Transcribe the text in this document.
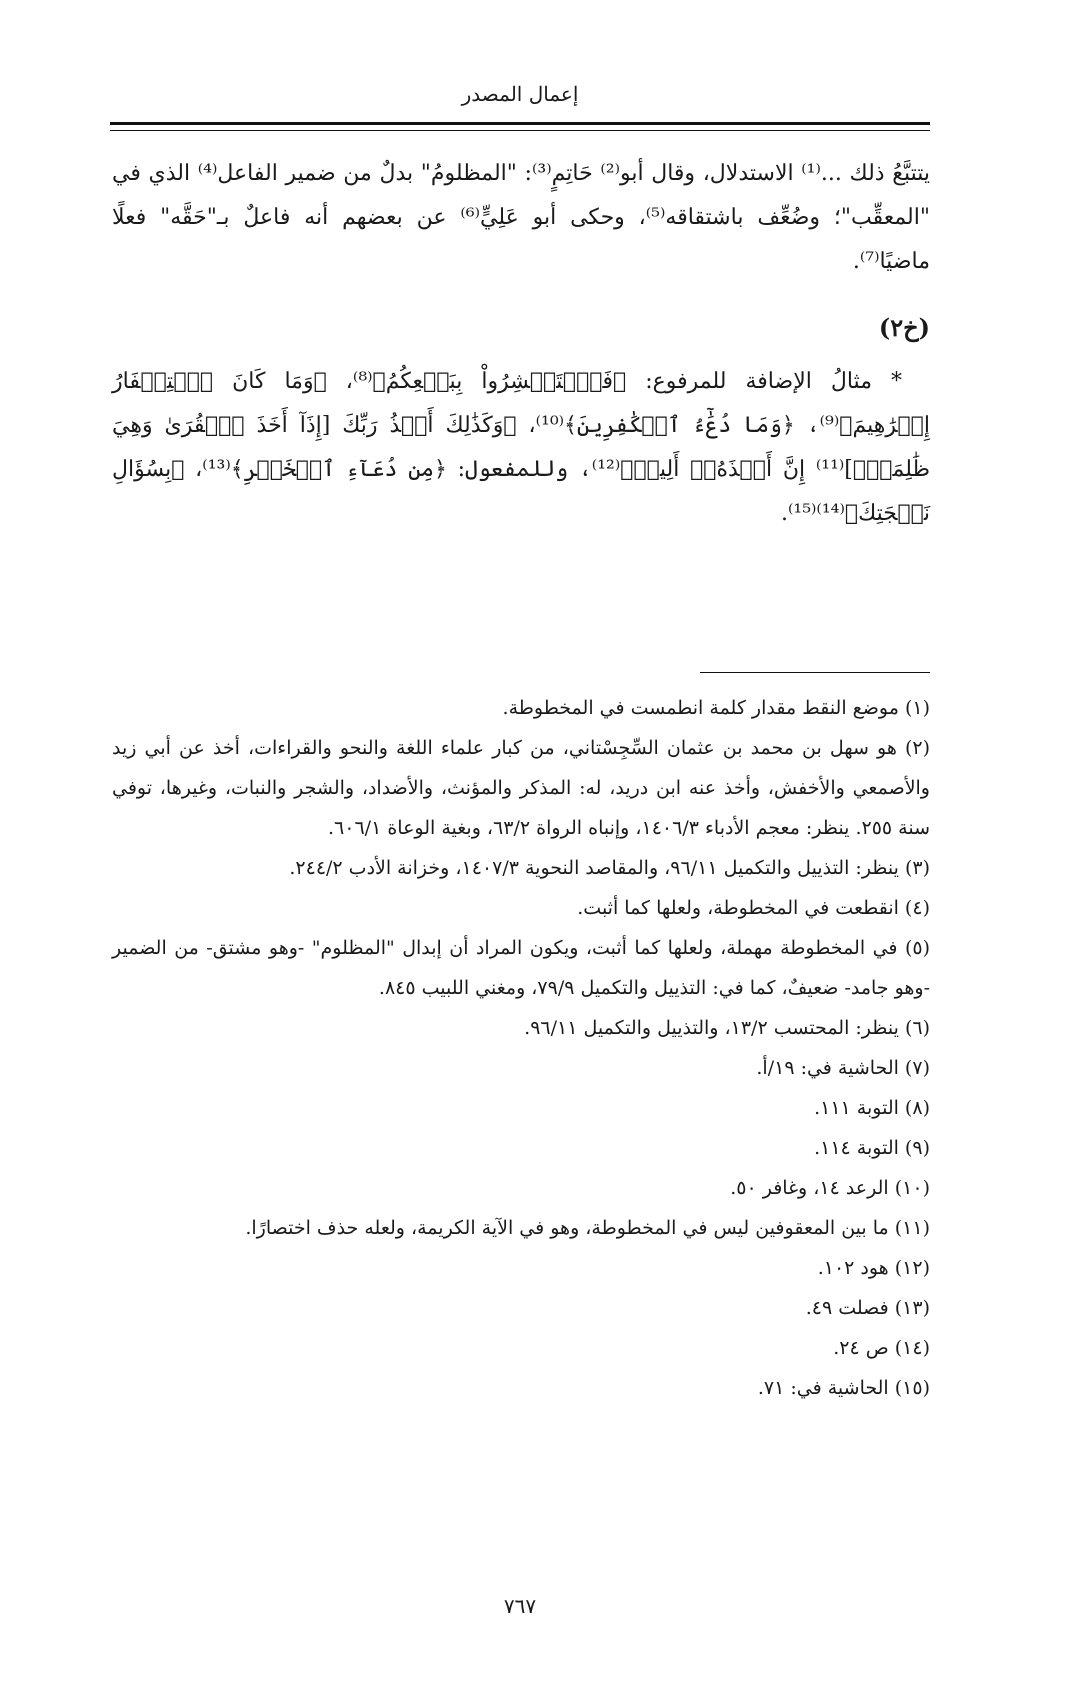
إعمال المصدر

يتتبَّعُ ذلك ...⁽¹⁾ الاستدلال، وقال أبو⁽²⁾ حَاتِمٍ⁽³⁾: "المظلومُ" بدلٌ من ضمير الفاعل⁽⁴⁾ الذي في "المعقِّب"؛ وضُعِّف باشتقاقه⁽⁵⁾، وحكى أبو عَلِيٍّ⁽⁶⁾ عن بعضهم أنه فاعلٌ بـ"حَقَّه" فعلًا ماضيًا⁽⁷⁾.

(خ٢)

* مثالُ الإضافة للمرفوع: ﴿فَٱسۡتَبۡشِرُواْ بِبَيۡعِكُمُ﴾⁽⁸⁾، ﴿وَمَا كَانَ ٱسۡتِغۡفَارُ إِبۡرَٰهِيمَ﴾⁽⁹⁾، ﴿وَمَا دُعَٰٓءُ ٱلۡكَٰفِرِينَ﴾⁽¹⁰⁾، ﴿وَكَذَٰلِكَ أَخۡذُ رَبِّكَ [إِذَآ أَخَذَ ٱلۡقُرَىٰ وَهِيَ ظَٰلِمَةٌۚ]⁽¹¹⁾ إِنَّ أَخۡذَهُۥٓ أَلِيمٞ﴾⁽¹²⁾، وللمفعول: ﴿مِن دُعَآءِ ٱلۡخَيۡرِ﴾⁽¹³⁾، ﴿بِسُؤَالِ نَعۡجَتِكَ﴾⁽¹⁴⁾⁽¹⁵⁾.

(١) موضع النقط مقدار كلمة انطمست في المخطوطة.

(٢) هو سهل بن محمد بن عثمان السِّجِسْتاني، من كبار علماء اللغة والنحو والقراءات، أخذ عن أبي زيد والأصمعي والأخفش، وأخذ عنه ابن دريد، له: المذكر والمؤنث، والأضداد، والشجر والنبات، وغيرها، توفي سنة ٢٥٥. ينظر: معجم الأدباء ١٤٠٦/٣، وإنباه الرواة ٦٣/٢، وبغية الوعاة ٦٠٦/١.

(٣) ينظر: التذييل والتكميل ٩٦/١١، والمقاصد النحوية ١٤٠٧/٣، وخزانة الأدب ٢٤٤/٢.

(٤) انقطعت في المخطوطة، ولعلها كما أثبت.

(٥) في المخطوطة مهملة، ولعلها كما أثبت، ويكون المراد أن إبدال "المظلوم" -وهو مشتق- من الضمير -وهو جامد- ضعيفٌ، كما في: التذييل والتكميل ٧٩/٩، ومغني اللبيب ٨٤٥.

(٦) ينظر: المحتسب ١٣/٢، والتذييل والتكميل ٩٦/١١.

(٧) الحاشية في: ١٩/أ.

(٨) التوبة ١١١.

(٩) التوبة ١١٤.

(١٠) الرعد ١٤، وغافر ٥٠.

(١١) ما بين المعقوفين ليس في المخطوطة، وهو في الآية الكريمة، ولعله حذف اختصارًا.

(١٢) هود ١٠٢.

(١٣) فصلت ٤٩.

(١٤) ص ٢٤.

(١٥) الحاشية في: ٧١.

٧٦٧
